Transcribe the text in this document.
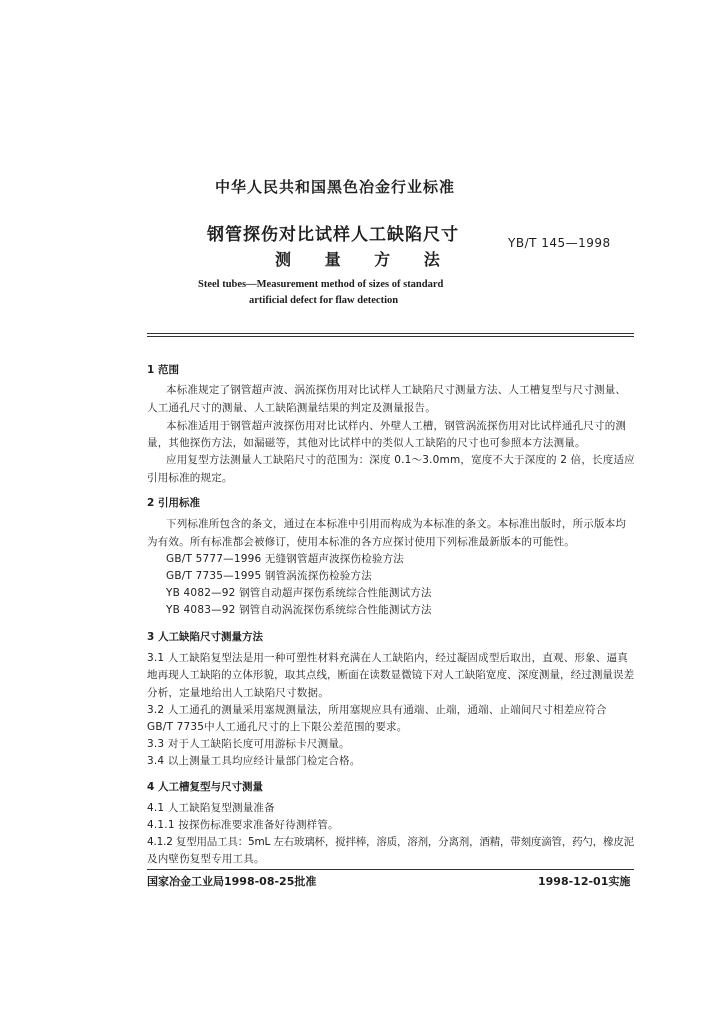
中华人民共和国黑色冶金行业标准
钢管探伤对比试样人工缺陷尺寸
测 量 方 法
YB/T 145—1998
Steel tubes—Measurement method of sizes of standard
artificial defect for flaw detection
1 范围
本标准规定了钢管超声波、涡流探伤用对比试样人工缺陷尺寸测量方法、人工槽复型与尺寸测量、
人工通孔尺寸的测量、人工缺陷测量结果的判定及测量报告。
本标准适用于钢管超声波探伤用对比试样内、外壁人工槽，钢管涡流探伤用对比试样通孔尺寸的测
量，其他探伤方法，如漏磁等，其他对比试样中的类似人工缺陷的尺寸也可参照本方法测量。
应用复型方法测量人工缺陷尺寸的范围为：深度 0.1～3.0mm，宽度不大于深度的 2 倍，长度适应
引用标准的规定。
2 引用标准
下列标准所包含的条文，通过在本标准中引用而构成为本标准的条文。本标准出版时，所示版本均
为有效。所有标准都会被修订，使用本标准的各方应探讨使用下列标准最新版本的可能性。
GB/T 5777—1996 无缝钢管超声波探伤检验方法
GB/T 7735—1995 钢管涡流探伤检验方法
YB 4082—92 钢管自动超声探伤系统综合性能测试方法
YB 4083—92 钢管自动涡流探伤系统综合性能测试方法
3 人工缺陷尺寸测量方法
3.1 人工缺陷复型法是用一种可塑性材料充满在人工缺陷内，经过凝固成型后取出，直观、形象、逼真
地再现人工缺陷的立体形貌，取其点线，断面在读数显微镜下对人工缺陷宽度、深度测量，经过测量误差
分析，定量地给出人工缺陷尺寸数据。
3.2 人工通孔的测量采用塞规测量法，所用塞规应具有通端、止端，通端、止端间尺寸相差应符合
GB/T 7735中人工通孔尺寸的上下限公差范围的要求。
3.3 对于人工缺陷长度可用游标卡尺测量。
3.4 以上测量工具均应经计量部门检定合格。
4 人工槽复型与尺寸测量
4.1 人工缺陷复型测量准备
4.1.1 按探伤标准要求准备好待测样管。
4.1.2 复型用品工具：5mL 左右玻璃杯，搅拌棒，溶质，溶剂，分离剂，酒精，带刻度滴管，药勺，橡皮泥
及内壁伤复型专用工具。
国家冶金工业局1998-08-25批准	1998-12-01实施
